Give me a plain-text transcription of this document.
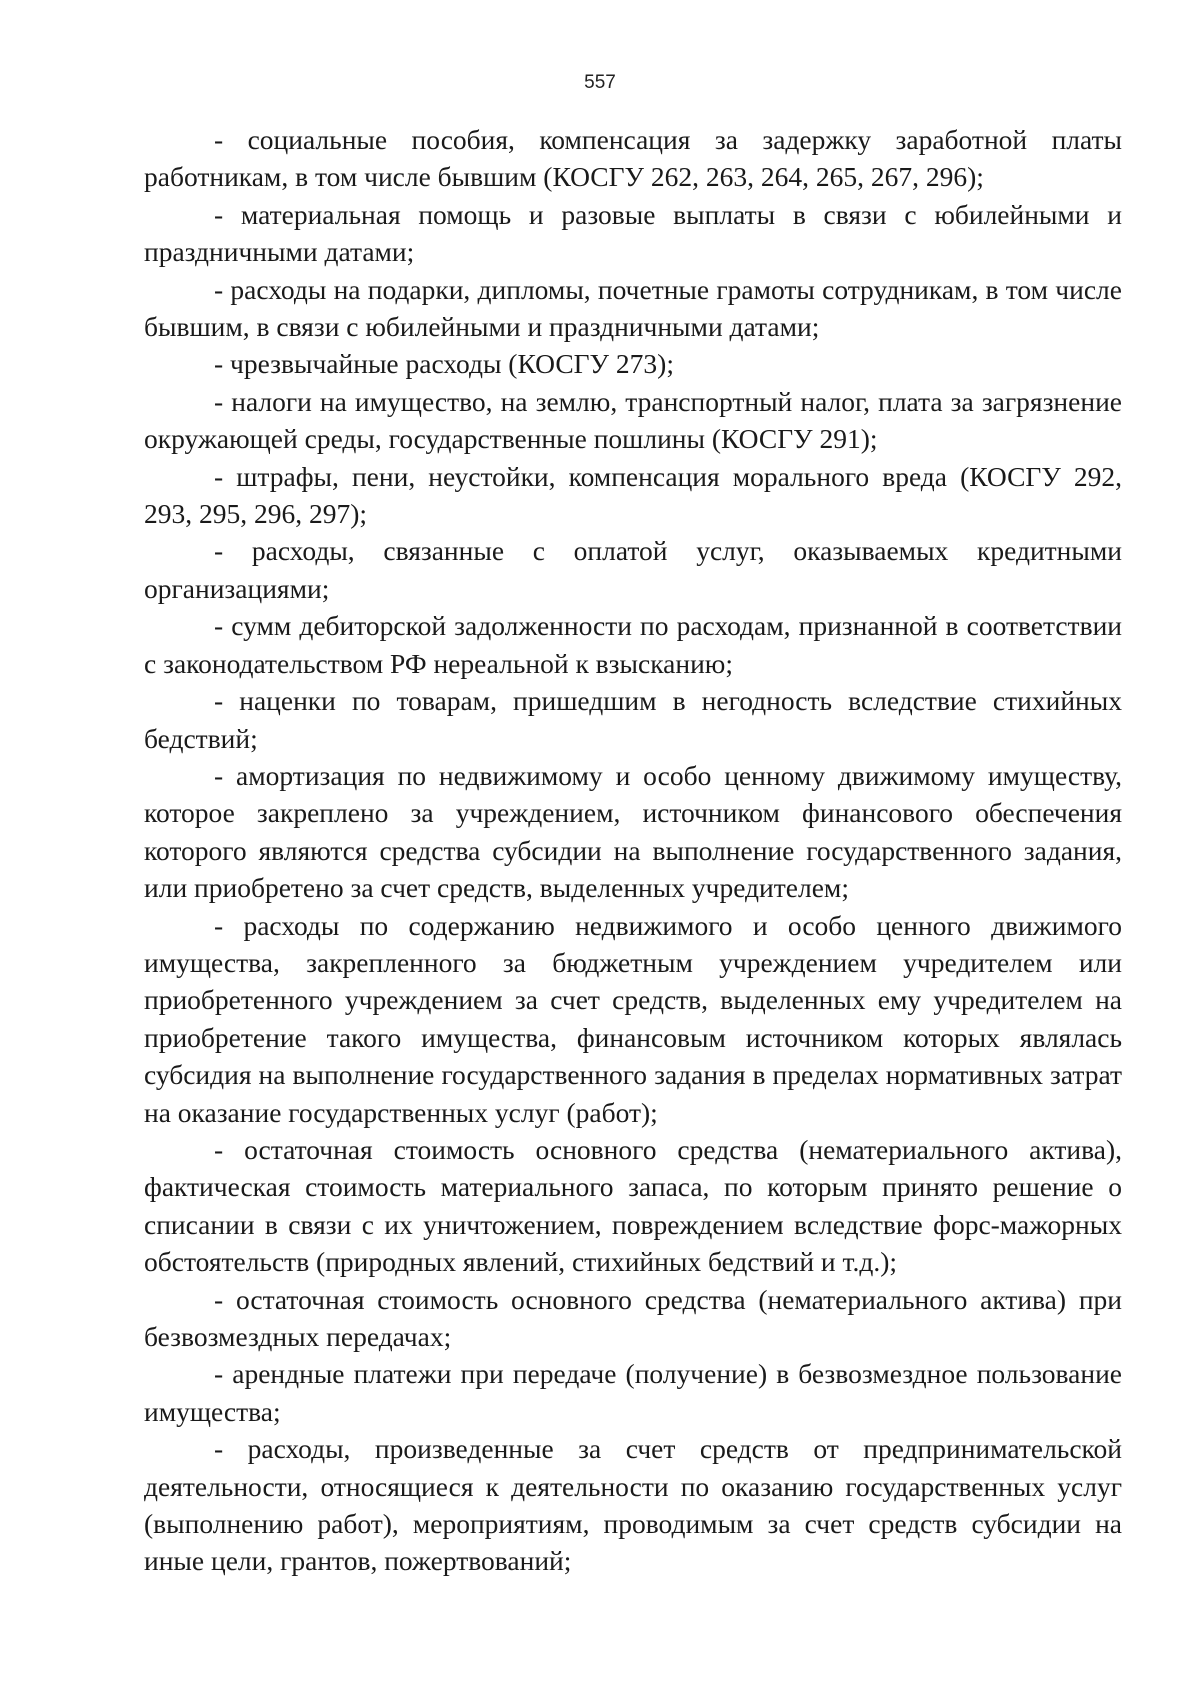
557

- социальные пособия, компенсация за задержку заработной платы работникам, в том числе бывшим (КОСГУ 262, 263, 264, 265, 267, 296);

- материальная помощь и разовые выплаты в связи с юбилейными и праздничными датами;

- расходы на подарки, дипломы, почетные грамоты сотрудникам, в том числе бывшим, в связи с юбилейными и праздничными датами;

- чрезвычайные расходы (КОСГУ 273);

- налоги на имущество, на землю, транспортный налог, плата за загрязнение окружающей среды, государственные пошлины (КОСГУ 291);

- штрафы, пени, неустойки, компенсация морального вреда (КОСГУ 292, 293, 295, 296, 297);

- расходы, связанные с оплатой услуг, оказываемых кредитными организациями;

- сумм дебиторской задолженности по расходам, признанной в соответствии с законодательством РФ нереальной к взысканию;

- наценки по товарам, пришедшим в негодность вследствие стихийных бедствий;

- амортизация по недвижимому и особо ценному движимому имуществу, которое закреплено за учреждением, источником финансового обеспечения которого являются средства субсидии на выполнение государственного задания, или приобретено за счет средств, выделенных учредителем;

- расходы по содержанию недвижимого и особо ценного движимого имущества, закрепленного за бюджетным учреждением учредителем или приобретенного учреждением за счет средств, выделенных ему учредителем на приобретение такого имущества, финансовым источником которых являлась субсидия на выполнение государственного задания в пределах нормативных затрат на оказание государственных услуг (работ);

- остаточная стоимость основного средства (нематериального актива), фактическая стоимость материального запаса, по которым принято решение о списании в связи с их уничтожением, повреждением вследствие форс-мажорных обстоятельств (природных явлений, стихийных бедствий и т.д.);

- остаточная стоимость основного средства (нематериального актива) при безвозмездных передачах;

- арендные платежи при передаче (получение) в безвозмездное пользование имущества;

- расходы, произведенные за счет средств от предпринимательской деятельности, относящиеся к деятельности по оказанию государственных услуг (выполнению работ), мероприятиям, проводимым за счет средств субсидии на иные цели, грантов, пожертвований;
